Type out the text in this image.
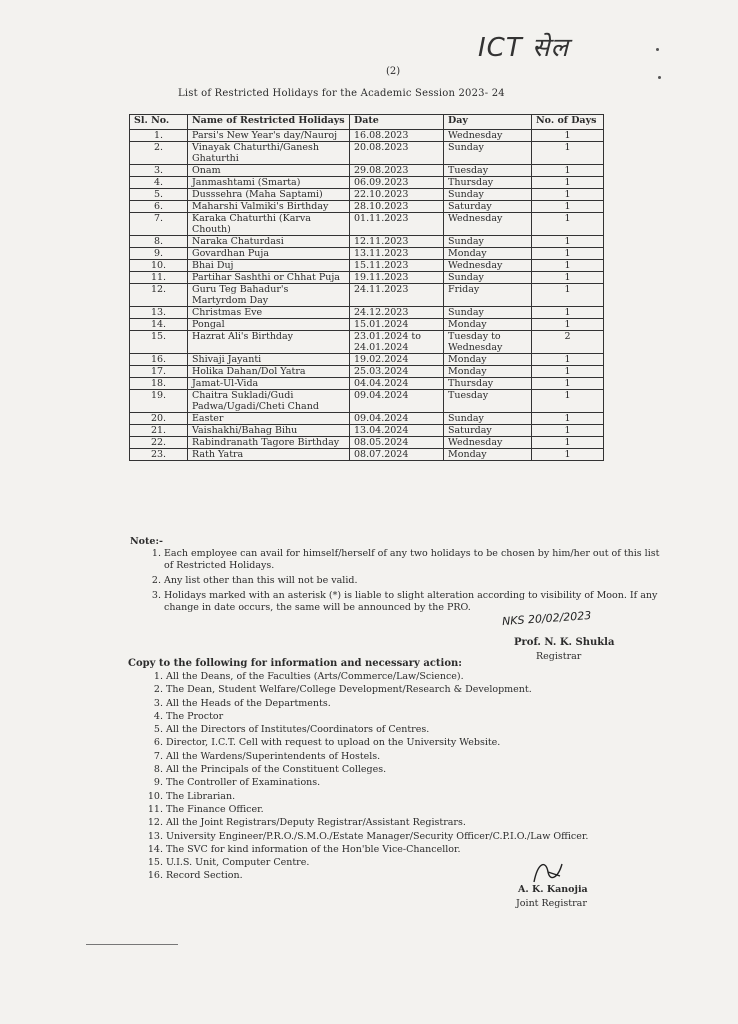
ICT सेल
(2)
List of Restricted Holidays for the Academic Session 2023- 24
Sl. No.	Name of Restricted Holidays	Date	Day	No. of Days
1.	Parsi's New Year's day/Nauroj	16.08.2023	Wednesday	1
2.	Vinayak Chaturthi/Ganesh Ghaturthi	20.08.2023	Sunday	1
3.	Onam	29.08.2023	Tuesday	1
4.	Janmashtami (Smarta)	06.09.2023	Thursday	1
5.	Dusssehra (Maha Saptami)	22.10.2023	Sunday	1
6.	Maharshi Valmiki's Birthday	28.10.2023	Saturday	1
7.	Karaka Chaturthi (Karva Chouth)	01.11.2023	Wednesday	1
8.	Naraka Chaturdasi	12.11.2023	Sunday	1
9.	Govardhan Puja	13.11.2023	Monday	1
10.	Bhai Duj	15.11.2023	Wednesday	1
11.	Partihar Sashthi or Chhat Puja	19.11.2023	Sunday	1
12.	Guru Teg Bahadur's Martyrdom Day	24.11.2023	Friday	1
13.	Christmas Eve	24.12.2023	Sunday	1
14.	Pongal	15.01.2024	Monday	1
15.	Hazrat Ali's Birthday	23.01.2024 to 24.01.2024	Tuesday to Wednesday	2
16.	Shivaji Jayanti	19.02.2024	Monday	1
17.	Holika Dahan/Dol Yatra	25.03.2024	Monday	1
18.	Jamat-Ul-Vida	04.04.2024	Thursday	1
19.	Chaitra Sukladi/Gudi Padwa/Ugadi/Cheti Chand	09.04.2024	Tuesday	1
20.	Easter	09.04.2024	Sunday	1
21.	Vaishakhi/Bahag Bihu	13.04.2024	Saturday	1
22.	Rabindranath Tagore Birthday	08.05.2024	Wednesday	1
23.	Rath Yatra	08.07.2024	Monday	1
Note:-
1. Each employee can avail for himself/herself of any two holidays to be chosen by him/her out of this list of Restricted Holidays.
2. Any list other than this will not be valid.
3. Holidays marked with an asterisk (*) is liable to slight alteration according to visibility of Moon. If any change in date occurs, the same will be announced by the PRO.
NKS 20/02/2023
Prof. N. K. Shukla
Registrar
Copy to the following for information and necessary action:
1. All the Deans, of the Faculties (Arts/Commerce/Law/Science).
2. The Dean, Student Welfare/College Development/Research & Development.
3. All the Heads of the Departments.
4. The Proctor
5. All the Directors of Institutes/Coordinators of Centres.
6. Director, I.C.T. Cell with request to upload on the University Website.
7. All the Wardens/Superintendents of Hostels.
8. All the Principals of the Constituent Colleges.
9. The Controller of Examinations.
10. The Librarian.
11. The Finance Officer.
12. All the Joint Registrars/Deputy Registrar/Assistant Registrars.
13. University Engineer/P.R.O./S.M.O./Estate Manager/Security Officer/C.P.I.O./Law Officer.
14. The SVC for kind information of the Hon'ble Vice-Chancellor.
15. U.I.S. Unit, Computer Centre.
16. Record Section.
A. K. Kanojia
Joint Registrar
